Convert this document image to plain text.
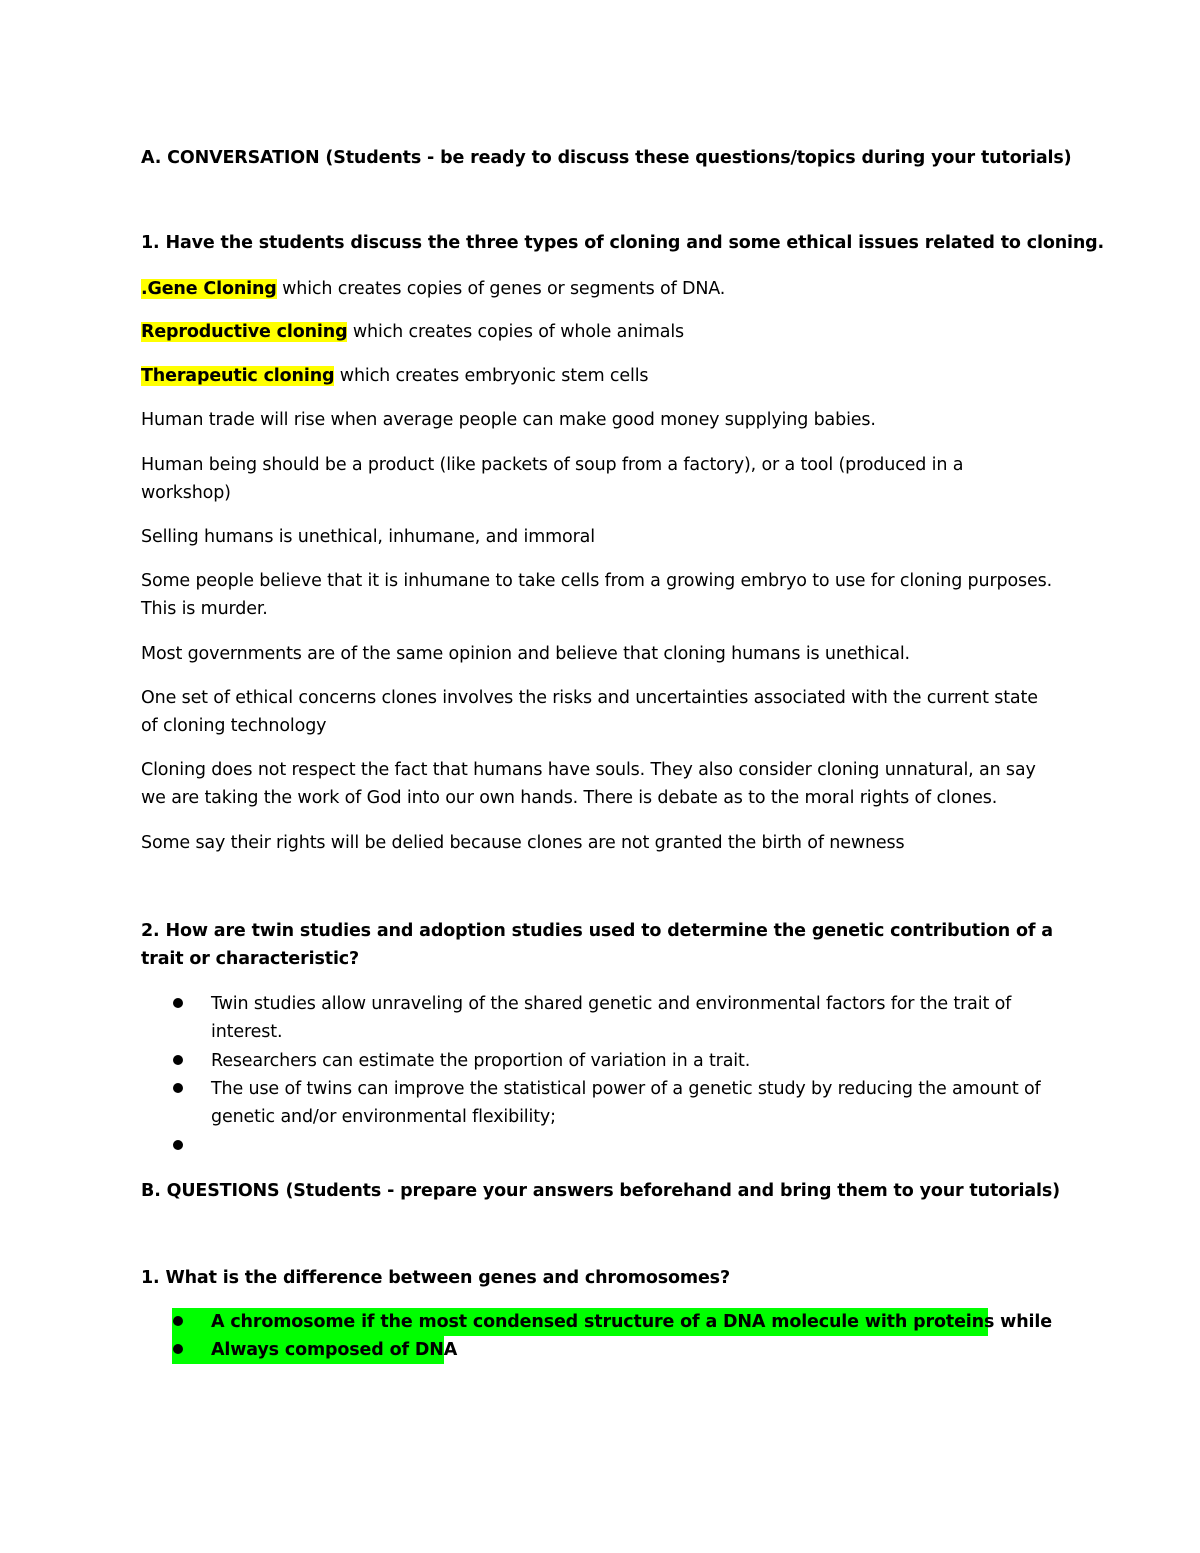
A. CONVERSATION (Students - be ready to discuss these questions/topics during your tutorials)
1. Have the students discuss the three types of cloning and some ethical issues related to cloning.
.Gene Cloning which creates copies of genes or segments of DNA.
Reproductive cloning which creates copies of whole animals
Therapeutic cloning which creates embryonic stem cells
Human trade will rise when average people can make good money supplying babies.
Human being should be a product (like packets of soup from a factory), or a tool (produced in a workshop)
Selling humans is unethical, inhumane, and immoral
Some people believe that it is inhumane to take cells from a growing embryo to use for cloning purposes. This is murder.
Most governments are of the same opinion and believe that cloning humans is unethical.
One set of ethical concerns clones involves the risks and uncertainties associated with the current state of cloning technology
Cloning does not respect the fact that humans have souls. They also consider cloning unnatural, an say we are taking the work of God into our own hands. There is debate as to the moral rights of clones.
Some say their rights will be delied because clones are not granted the birth of newness
2. How are twin studies and adoption studies used to determine the genetic contribution of a trait or characteristic?
Twin studies allow unraveling of the shared genetic and environmental factors for the trait of interest.
Researchers can estimate the proportion of variation in a trait.
The use of twins can improve the statistical power of a genetic study by reducing the amount of genetic and/or environmental flexibility;
B. QUESTIONS (Students - prepare your answers beforehand and bring them to your tutorials)
1. What is the difference between genes and chromosomes?
A chromosome if the most condensed structure of a DNA molecule with proteins while
Always composed of DNA
